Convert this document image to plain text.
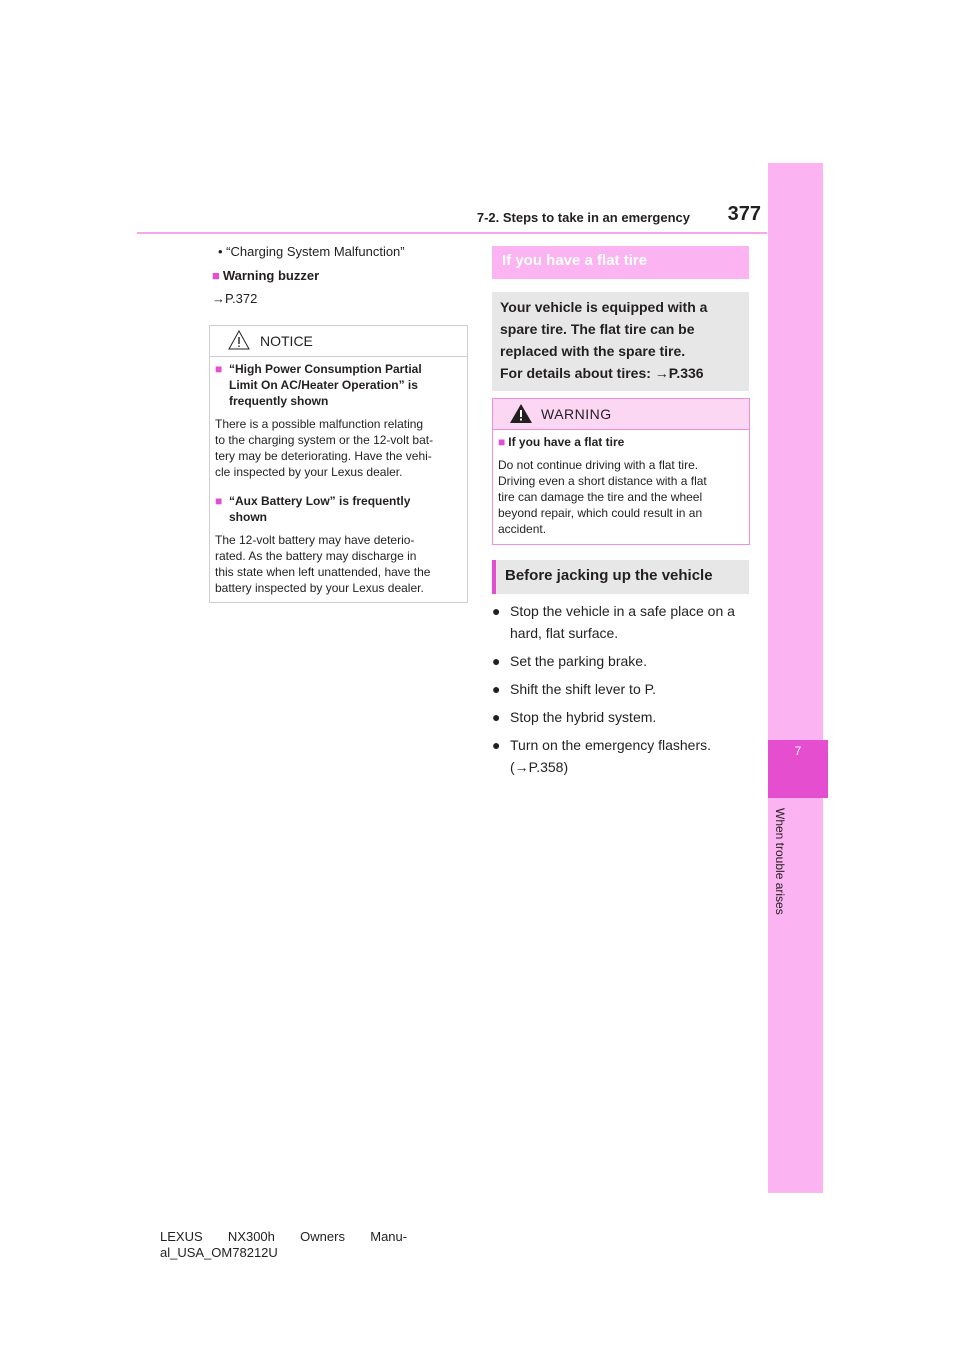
7-2. Steps to take in an emergency	377
7
When trouble arises
• “Charging System Malfunction”
■ Warning buzzer
→P.372
NOTICE
■ “High Power Consumption Partial
Limit On AC/Heater Operation” is
frequently shown
There is a possible malfunction relating
to the charging system or the 12-volt bat-
tery may be deteriorating. Have the vehi-
cle inspected by your Lexus dealer.
■ “Aux Battery Low” is frequently
shown
The 12-volt battery may have deterio-
rated. As the battery may discharge in
this state when left unattended, have the
battery inspected by your Lexus dealer.
If you have a flat tire

Your vehicle is equipped with a
spare tire. The flat tire can be
replaced with the spare tire.
For details about tires: →P.336

WARNING
■ If you have a flat tire
Do not continue driving with a flat tire.
Driving even a short distance with a flat
tire can damage the tire and the wheel
beyond repair, which could result in an
accident.
Before jacking up the vehicle
● Stop the vehicle in a safe place on a
hard, flat surface.
● Set the parking brake.
● Shift the shift lever to P.
● Stop the hybrid system.
● Turn on the emergency flashers.
(→P.358)
LEXUS       NX300h       Owners       Manu-
al_USA_OM78212U
